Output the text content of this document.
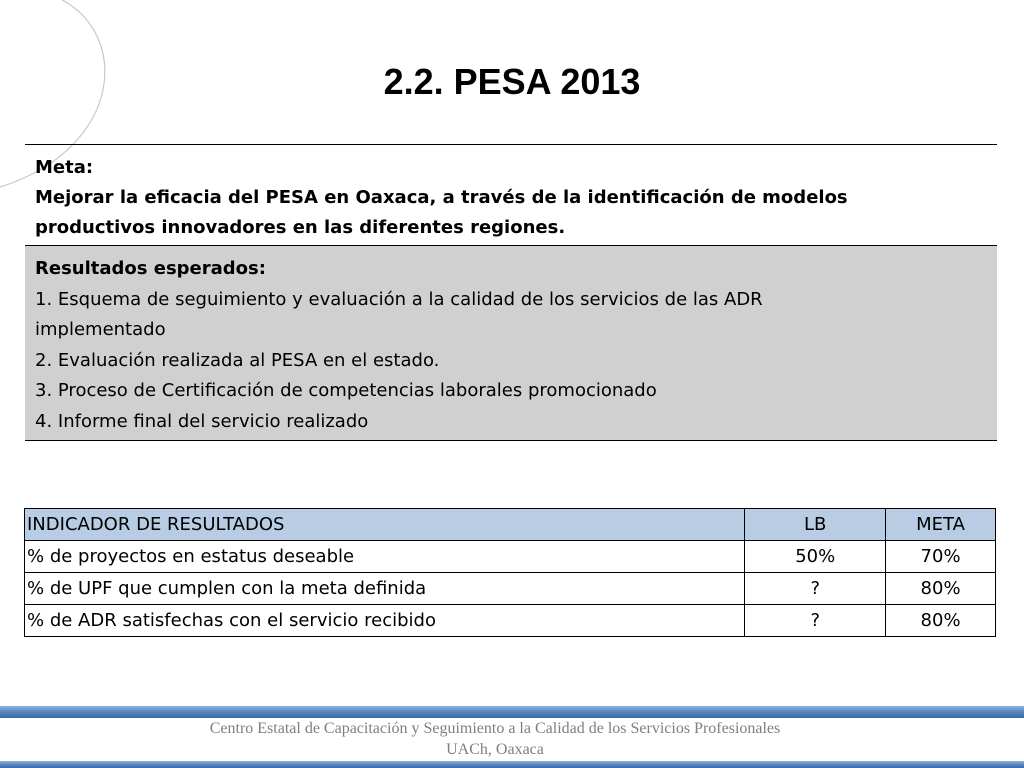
2.2. PESA 2013
Meta:
Mejorar la eficacia del PESA en Oaxaca, a través de la identificación de modelos
productivos innovadores en las diferentes regiones.
Resultados esperados:
1. Esquema de seguimiento y evaluación a la calidad de los servicios de las ADR
implementado
2. Evaluación realizada al PESA en el estado.
3. Proceso de Certificación de competencias laborales promocionado
4. Informe final del servicio realizado
INDICADOR DE RESULTADOS	LB	META
% de proyectos en estatus deseable	50%	70%
% de UPF que cumplen con la meta definida	?	80%
% de ADR satisfechas con el servicio recibido	?	80%
Centro Estatal de Capacitación y Seguimiento a la Calidad de los Servicios Profesionales
UACh, Oaxaca
